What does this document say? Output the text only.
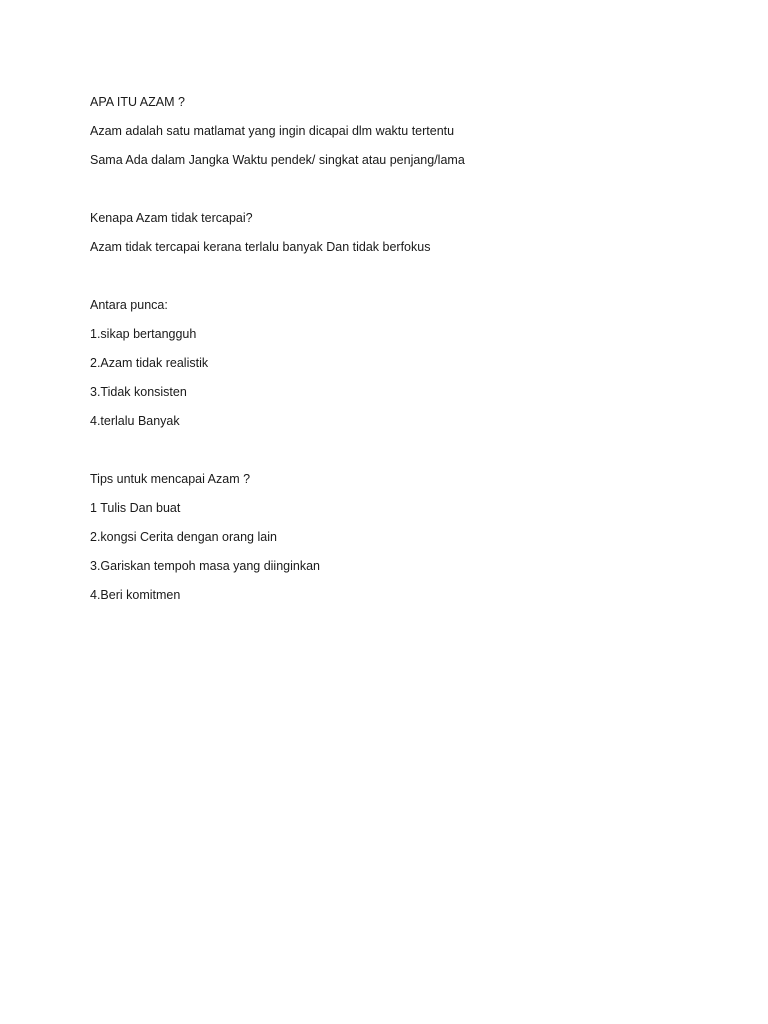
APA ITU AZAM ?
Azam adalah satu matlamat yang ingin dicapai dlm waktu tertentu
Sama Ada dalam Jangka Waktu pendek/ singkat atau penjang/lama
Kenapa Azam tidak tercapai?
Azam tidak tercapai kerana terlalu banyak Dan tidak berfokus
Antara punca:
1.sikap bertangguh
2.Azam tidak realistik
3.Tidak konsisten
4.terlalu Banyak
Tips untuk mencapai Azam ?
1 Tulis Dan buat
2.kongsi Cerita dengan orang lain
3.Gariskan tempoh masa yang diinginkan
4.Beri komitmen
